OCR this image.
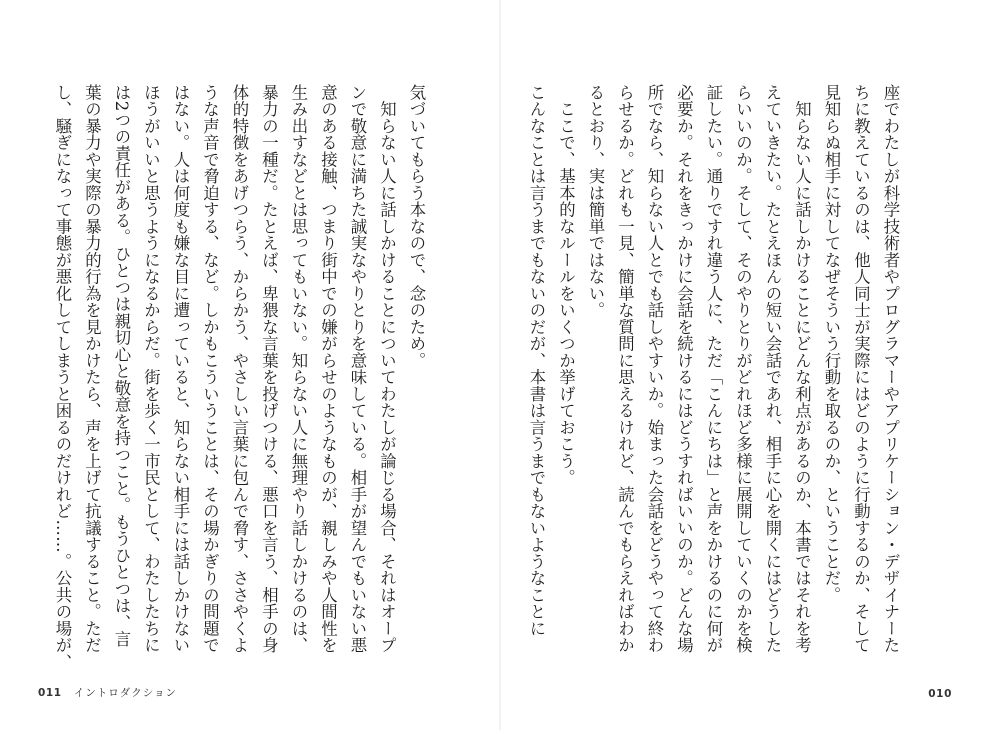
気づいてもらう本なので、念のため。
　知らない人に話しかけることについてわたしが論じる場合、それはオープ
ンで敬意に満ちた誠実なやりとりを意味している。相手が望んでもいない悪
意のある接触、つまり街中での嫌がらせのようなものが、親しみや人間性を
生み出すなどとは思ってもいない。知らない人に無理やり話しかけるのは、
暴力の一種だ。たとえば、卑猥な言葉を投げつける、悪口を言う、相手の身
体的特徴をあげつらう、からかう、やさしい言葉に包んで脅す、ささやくよ
うな声音で脅迫する、など。しかもこういうことは、その場かぎりの問題で
はない。人は何度も嫌な目に遭っていると、知らない相手には話しかけない
ほうがいいと思うようになるからだ。街を歩く一市民として、わたしたちに
は2つの責任がある。ひとつは親切心と敬意を持つこと。もうひとつは、言
葉の暴力や実際の暴力的行為を見かけたら、声を上げて抗議すること。ただ
し、騒ぎになって事態が悪化してしまうと困るのだけれど……。公共の場が、
011 イントロダクション
座でわたしが科学技術者やプログラマーやアプリケーション・デザイナーた
ちに教えているのは、他人同士が実際にはどのように行動するのか、そして
見知らぬ相手に対してなぜそういう行動を取るのか、ということだ。
　知らない人に話しかけることにどんな利点があるのか、本書ではそれを考
えていきたい。たとえほんの短い会話であれ、相手に心を開くにはどうした
らいいのか。そして、そのやりとりがどれほど多様に展開していくのかを検
証したい。通りですれ違う人に、ただ「こんにちは」と声をかけるのに何が
必要か。それをきっかけに会話を続けるにはどうすればいいのか。どんな場
所でなら、知らない人とでも話しやすいか。始まった会話をどうやって終わ
らせるか。どれも一見、簡単な質問に思えるけれど、読んでもらえればわか
るとおり、実は簡単ではない。
　ここで、基本的なルールをいくつか挙げておこう。
こんなことは言うまでもないのだが、本書は言うまでもないようなことに
010
